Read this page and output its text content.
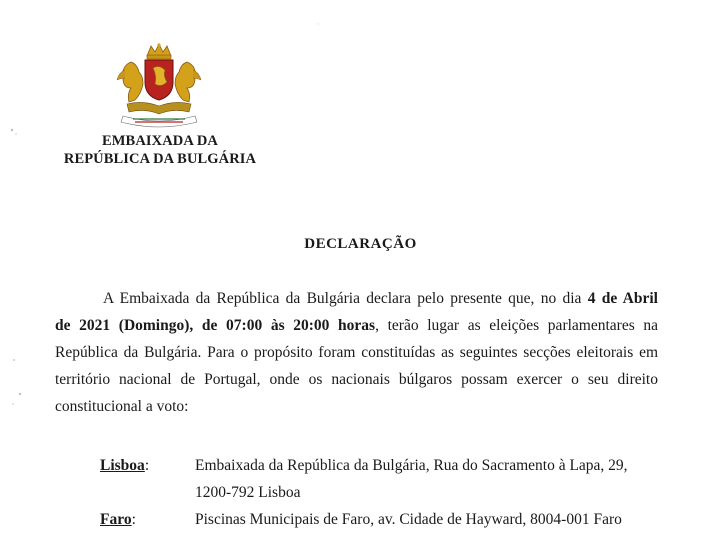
EMBAIXADA DA
REPÚBLICA DA BULGÁRIA
DECLARAÇÃO
A Embaixada da República da Bulgária declara pelo presente que, no dia 4 de Abril
de 2021 (Domingo), de 07:00 às 20:00 horas, terão lugar as eleições parlamentares na
República da Bulgária. Para o propósito foram constituídas as seguintes secções eleitorais em
território nacional de Portugal, onde os nacionais búlgaros possam exercer o seu direito
constitucional a voto:
Lisboa:	Embaixada da República da Bulgária, Rua do Sacramento à Lapa, 29,
1200-792 Lisboa
Faro:	Piscinas Municipais de Faro, av. Cidade de Hayward, 8004-001 Faro
